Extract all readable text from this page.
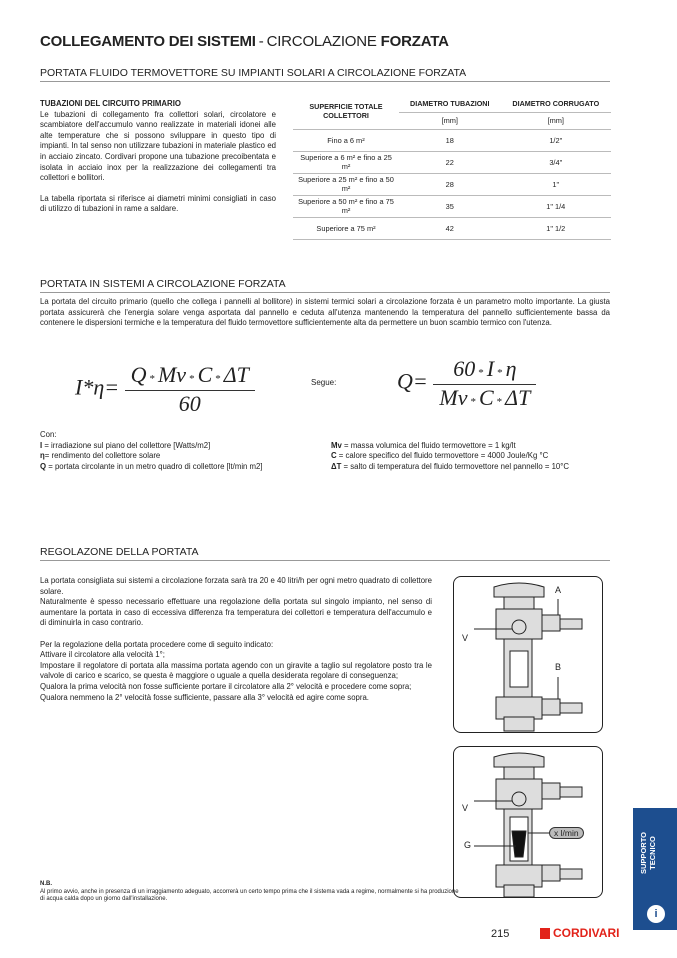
COLLEGAMENTO DEI SISTEMI - CIRCOLAZIONE FORZATA
PORTATA FLUIDO TERMOVETTORE SU IMPIANTI SOLARI A CIRCOLAZIONE FORZATA
TUBAZIONI DEL CIRCUITO PRIMARIO
Le tubazioni di collegamento fra collettori solari, circolatore e scambiatore dell'accumulo vanno realizzate in materiali idonei alle alte temperature che si possono sviluppare in questo tipo di impianti. In tal senso non utilizzare tubazioni in materiale plastico ed in acciaio zincato. Cordivari propone una tubazione precoibentata e isolata in acciaio inox per la realizzazione dei collegamenti tra collettori e bollitori.
La tabella riportata si riferisce ai diametri minimi consigliati in caso di utilizzo di tubazioni in rame a saldare.
SUPERFICIE TOTALE COLLETTORI	DIAMETRO TUBAZIONI	DIAMETRO CORRUGATO
	[mm]	[mm]
Fino a 6 m²	18	1/2"
Superiore a 6 m² e fino a 25 m²	22	3/4"
Superiore a 25 m² e fino a 50 m²	28	1"
Superiore a 50 m² e fino a 75 m²	35	1" 1/4
Superiore a 75 m²	42	1" 1/2
PORTATA IN SISTEMI A CIRCOLAZIONE FORZATA
La portata del circuito primario (quello che collega i pannelli al bollitore) in sistemi termici solari a circolazione forzata è un parametro molto importante. La giusta portata assicurerà che l'energia solare venga asportata dal pannello e ceduta all'utenza mantenendo la temperatura del pannello sufficientemente bassa da contenere le dispersioni termiche e la temperatura del fluido termovettore sufficientemente alta da permettere un buon scambio termico con l'utenza.
$I*\eta= \frac{Q * Mv * C * \Delta T}{60}$	Segue:	$Q= \frac{60 * I * \eta}{Mv * C * \Delta T}$
Con:
I = irradiazione sul piano del collettore [Watts/m2]
η= rendimento del collettore solare
Q = portata circolante in un metro quadro di collettore [lt/min m2]
Mv = massa volumica del fluido termovettore = 1 kg/lt
C = calore specifico del fluido termovettore = 4000 Joule/Kg °C
ΔT = salto di temperatura del fluido termovettore nel pannello = 10°C
REGOLAZONE DELLA PORTATA
La portata consigliata sui sistemi a circolazione forzata sarà tra 20 e 40 litri/h per ogni metro quadrato di collettore solare.
Naturalmente è spesso necessario effettuare una regolazione della portata sul singolo impianto, nel senso di aumentare la portata in caso di eccessiva differenza fra temperatura dei collettori e temperatura dell'accumulo e di diminuirla in caso contrario.
Per la regolazione della portata procedere come di seguito indicato:
Attivare il circolatore alla velocità 1°;
Impostare il regolatore di portata alla massima portata agendo con un giravite a taglio sul regolatore posto tra le valvole di carico e scarico, se questa è maggiore o uguale a quella desiderata regolare di conseguenza;
Qualora la prima velocità non fosse sufficiente portare il circolatore alla 2° velocità e procedere come sopra;
Qualora nemmeno la 2° velocità fosse sufficiente, passare alla 3° velocità ed agire come sopra.
A
V
B
V
G
x l/min
N.B.
Al primo avvio, anche in presenza di un irraggiamento adeguato, accorrerà un certo tempo prima che il sistema vada a regime, normalmente si ha produzione di acqua calda dopo un giorno dall'installazione.
215	CORDIVARI
SUPPORTO TECNICO
i
